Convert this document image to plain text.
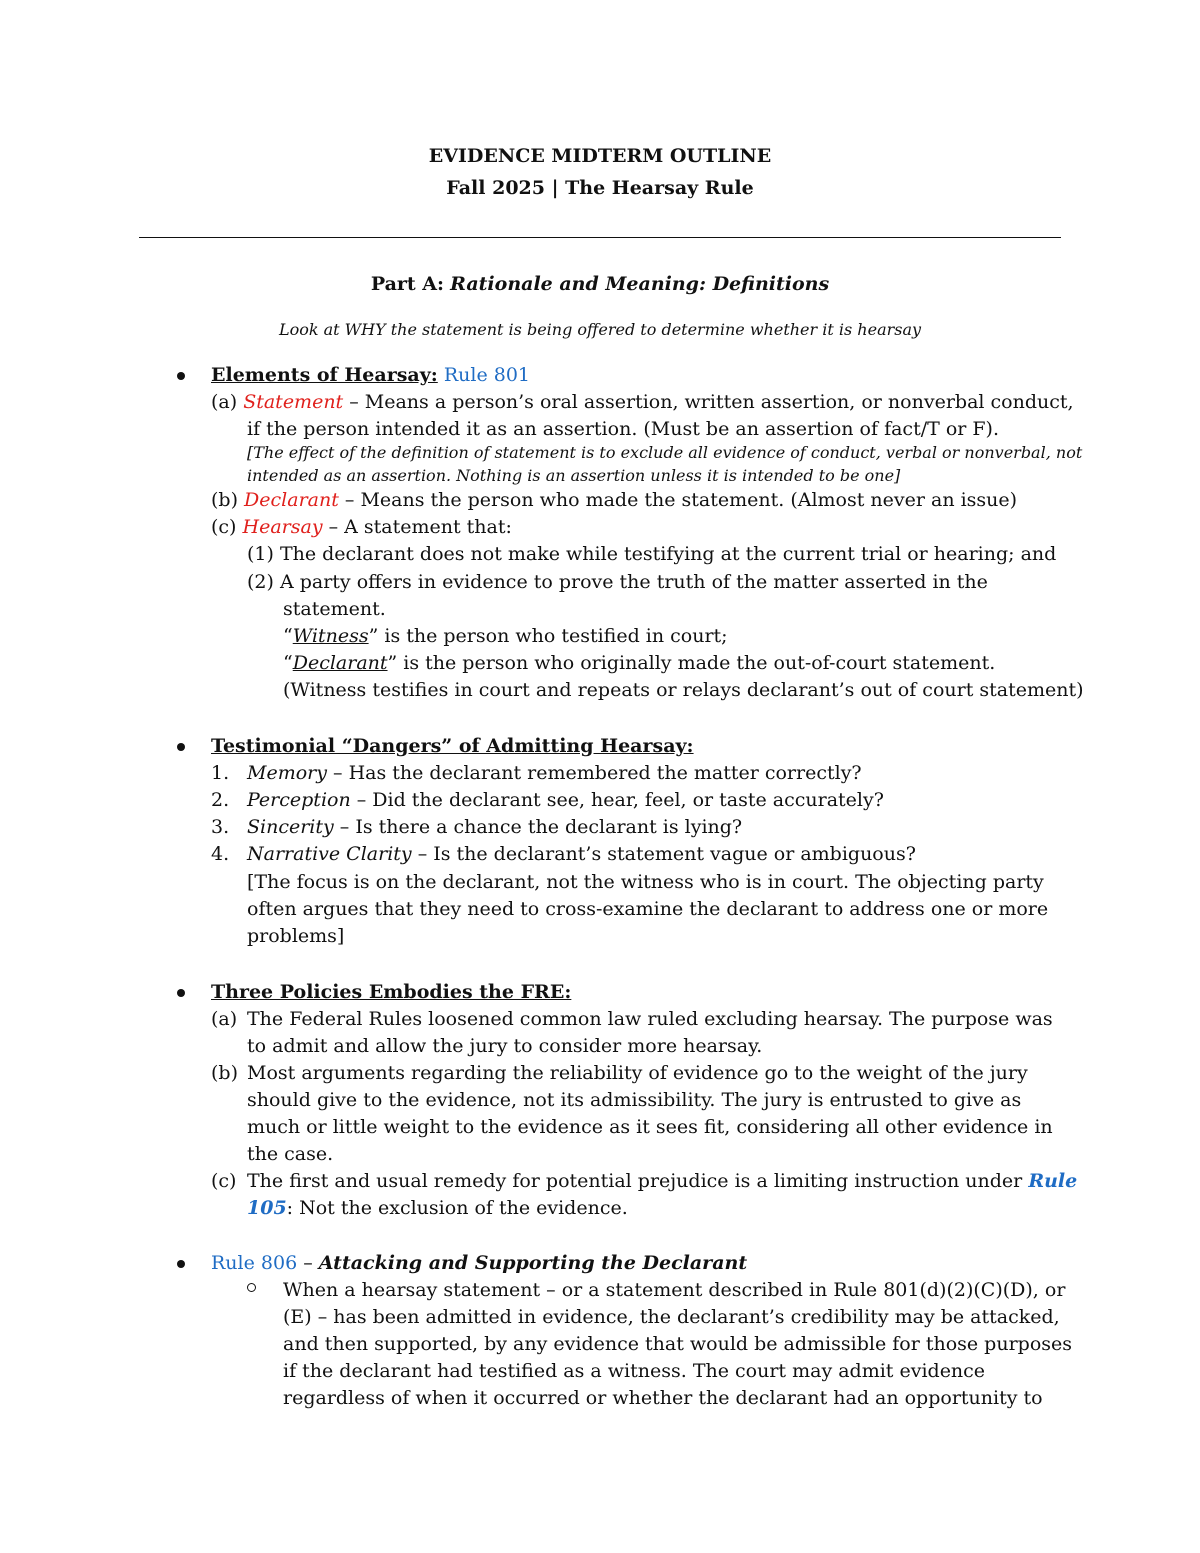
EVIDENCE MIDTERM OUTLINE
Fall 2025 | The Hearsay Rule
Part A: Rationale and Meaning: Definitions
Look at WHY the statement is being offered to determine whether it is hearsay
Elements of Hearsay: Rule 801
(a) Statement – Means a person’s oral assertion, written assertion, or nonverbal conduct,
if the person intended it as an assertion. (Must be an assertion of fact/T or F).
[The effect of the definition of statement is to exclude all evidence of conduct, verbal or nonverbal, not
intended as an assertion. Nothing is an assertion unless it is intended to be one]
(b) Declarant – Means the person who made the statement. (Almost never an issue)
(c) Hearsay – A statement that:
(1) The declarant does not make while testifying at the current trial or hearing; and
(2) A party offers in evidence to prove the truth of the matter asserted in the
statement.
“Witness” is the person who testified in court;
“Declarant” is the person who originally made the out-of-court statement.
(Witness testifies in court and repeats or relays declarant’s out of court statement)
Testimonial “Dangers” of Admitting Hearsay:
1. Memory – Has the declarant remembered the matter correctly?
2. Perception – Did the declarant see, hear, feel, or taste accurately?
3. Sincerity – Is there a chance the declarant is lying?
4. Narrative Clarity – Is the declarant’s statement vague or ambiguous?
[The focus is on the declarant, not the witness who is in court. The objecting party
often argues that they need to cross-examine the declarant to address one or more
problems]
Three Policies Embodies the FRE:
(a) The Federal Rules loosened common law ruled excluding hearsay. The purpose was
to admit and allow the jury to consider more hearsay.
(b) Most arguments regarding the reliability of evidence go to the weight of the jury
should give to the evidence, not its admissibility. The jury is entrusted to give as
much or little weight to the evidence as it sees fit, considering all other evidence in
the case.
(c) The first and usual remedy for potential prejudice is a limiting instruction under Rule
105: Not the exclusion of the evidence.
Rule 806 – Attacking and Supporting the Declarant
When a hearsay statement – or a statement described in Rule 801(d)(2)(C)(D), or
(E) – has been admitted in evidence, the declarant’s credibility may be attacked,
and then supported, by any evidence that would be admissible for those purposes
if the declarant had testified as a witness. The court may admit evidence
regardless of when it occurred or whether the declarant had an opportunity to
